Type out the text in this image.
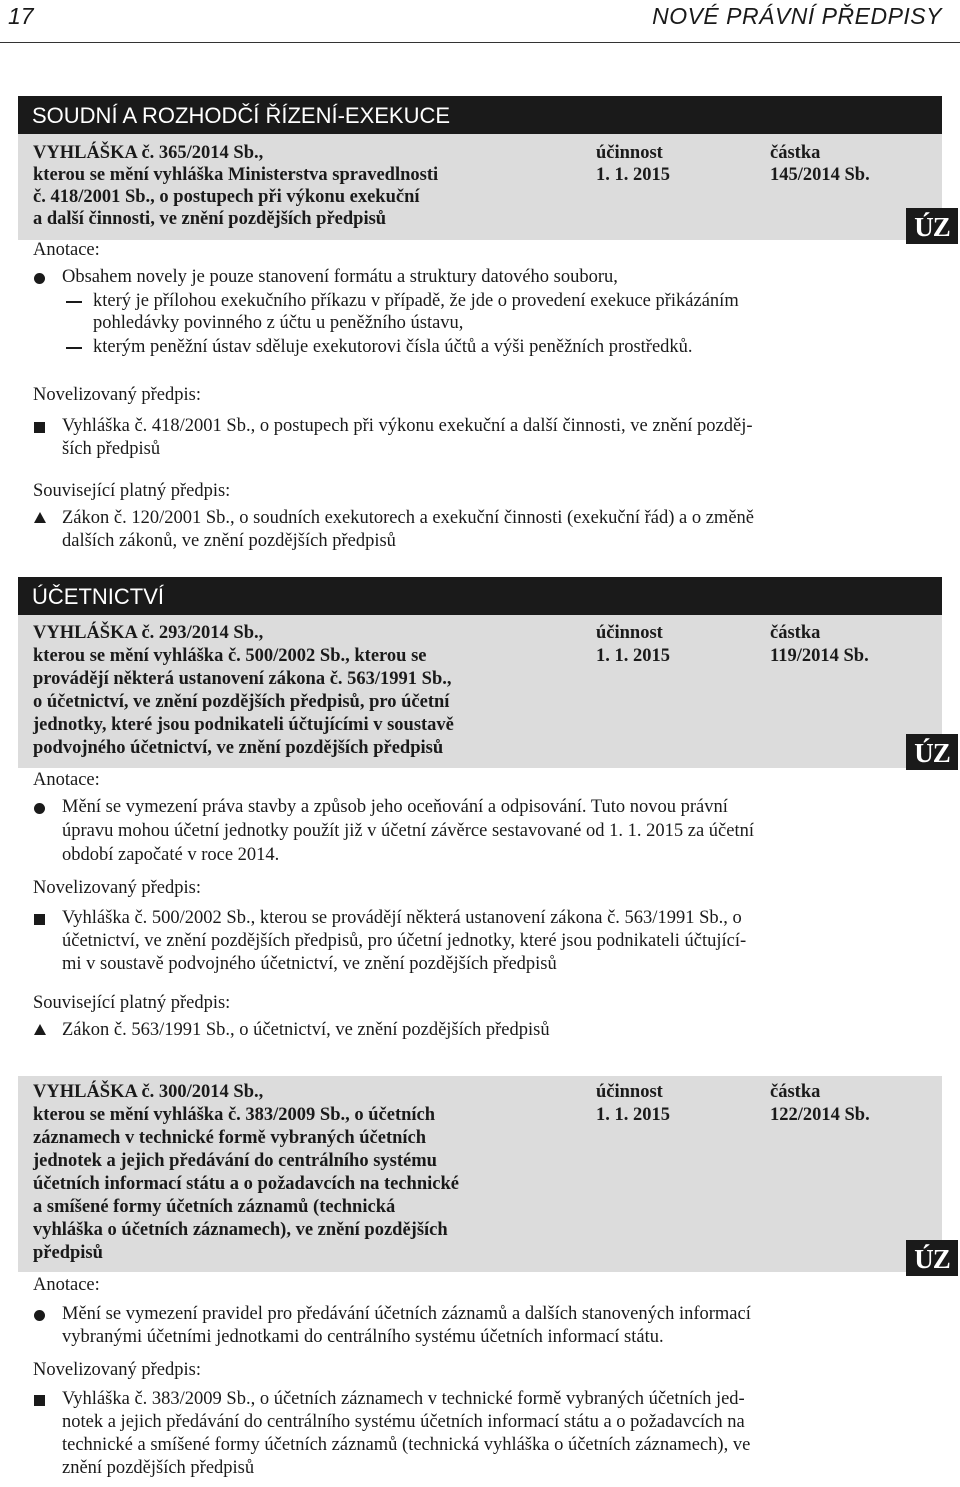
17	NOVÉ PRÁVNÍ PŘEDPISY
SOUDNÍ A ROZHODČÍ ŘÍZENÍ-EXEKUCE
VYHLÁŠKA č. 365/2014 Sb.,
kterou se mění vyhláška Ministerstva spravedlnosti
č. 418/2001 Sb., o postupech při výkonu exekuční
a další činnosti, ve znění pozdějších předpisů
účinnost
1. 1. 2015
částka
145/2014 Sb.
ÚZ
Anotace:
Obsahem novely je pouze stanovení formátu a struktury datového souboru,
který je přílohou exekučního příkazu v případě, že jde o provedení exekuce přikázáním
pohledávky povinného z účtu u peněžního ústavu,
kterým peněžní ústav sděluje exekutorovi čísla účtů a výši peněžních prostředků.
Novelizovaný předpis:
Vyhláška č. 418/2001 Sb., o postupech při výkonu exekuční a další činnosti, ve znění pozděj-
ších předpisů
Související platný předpis:
Zákon č. 120/2001 Sb., o soudních exekutorech a exekuční činnosti (exekuční řád) a o změně
dalších zákonů, ve znění pozdějších předpisů
ÚČETNICTVÍ
VYHLÁŠKA č. 293/2014 Sb.,
kterou se mění vyhláška č. 500/2002 Sb., kterou se
provádějí některá ustanovení zákona č. 563/1991 Sb.,
o účetnictví, ve znění pozdějších předpisů, pro účetní
jednotky, které jsou podnikateli účtujícími v soustavě
podvojného účetnictví, ve znění pozdějších předpisů
účinnost
1. 1. 2015
částka
119/2014 Sb.
ÚZ
Anotace:
Mění se vymezení práva stavby a způsob jeho oceňování a odpisování. Tuto novou právní
úpravu mohou účetní jednotky použít již v účetní závěrce sestavované od 1. 1. 2015 za účetní
období započaté v roce 2014.
Novelizovaný předpis:
Vyhláška č. 500/2002 Sb., kterou se provádějí některá ustanovení zákona č. 563/1991 Sb., o
účetnictví, ve znění pozdějších předpisů, pro účetní jednotky, které jsou podnikateli účtující-
mi v soustavě podvojného účetnictví, ve znění pozdějších předpisů
Související platný předpis:
Zákon č. 563/1991 Sb., o účetnictví, ve znění pozdějších předpisů
VYHLÁŠKA č. 300/2014 Sb.,
kterou se mění vyhláška č. 383/2009 Sb., o účetních
záznamech v technické formě vybraných účetních
jednotek a jejich předávání do centrálního systému
účetních informací státu a o požadavcích na technické
a smíšené formy účetních záznamů (technická
vyhláška o účetních záznamech), ve znění pozdějších
předpisů
účinnost
1. 1. 2015
částka
122/2014 Sb.
ÚZ
Anotace:
Mění se vymezení pravidel pro předávání účetních záznamů a dalších stanovených informací
vybranými účetními jednotkami do centrálního systému účetních informací státu.
Novelizovaný předpis:
Vyhláška č. 383/2009 Sb., o účetních záznamech v technické formě vybraných účetních jed-
notek a jejich předávání do centrálního systému účetních informací státu a o požadavcích na
technické a smíšené formy účetních záznamů (technická vyhláška o účetních záznamech), ve
znění pozdějších předpisů
